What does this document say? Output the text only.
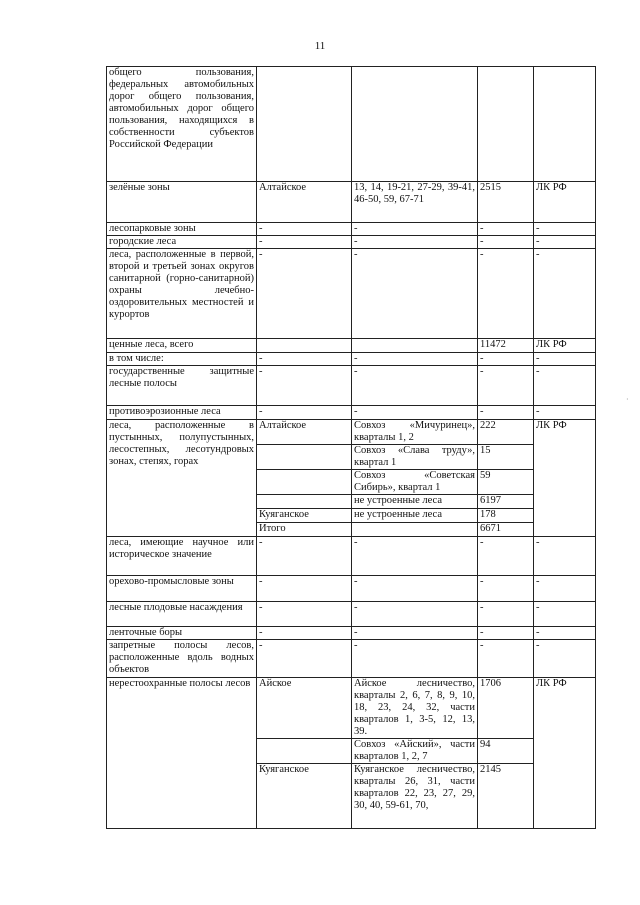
11
общего пользования, федеральных автомобильных дорог общего пользования, автомобильных дорог общего пользования, находящихся в собственности субъектов Российской Федерации				
зелёные зоны	Алтайское	13, 14, 19-21, 27-29, 39-41, 46-50, 59, 67-71	2515	ЛК РФ
лесопарковые зоны	-	-	-	-
городские леса	-	-	-	-
леса, расположенные в первой, второй и третьей зонах округов санитарной (горно-санитарной) охраны лечебно-оздоровительных местностей и курортов	-	-	-	-
ценные леса, всего			11472	ЛК РФ
в том числе:	-	-	-	-
государственные защитные лесные полосы	-	-	-	-
противоэрозионные леса	-	-	-	-
леса, расположенные в пустынных, полупустынных, лесостепных, лесотундровых зонах, степях, горах	Алтайское	Совхоз «Мичуринец», кварталы 1, 2	222	ЛК РФ
		Совхоз «Слава труду», квартал 1	15	
		Совхоз «Советская Сибирь», квартал 1	59	
		не устроенные леса	6197	
	Куяганское	не устроенные леса	178	
	Итого		6671	
леса, имеющие научное или историческое значение	-	-	-	-
орехово-промысловые зоны	-	-	-	-
лесные плодовые насаждения	-	-	-	-
ленточные боры	-	-	-	-
запретные полосы лесов, расположенные вдоль водных объектов	-	-	-	-
нерестоохранные полосы лесов	Айское	Айское лесничество, кварталы 2, 6, 7, 8, 9, 10, 18, 23, 24, 32, части кварталов 1, 3-5, 12, 13, 39.	1706	ЛК РФ
		Совхоз «Айский», части кварталов 1, 2, 7	94	
	Куяганское	Куяганское лесничество, кварталы 26, 31, части кварталов 22, 23, 27, 29, 30, 40, 59-61, 70,	2145	
·
